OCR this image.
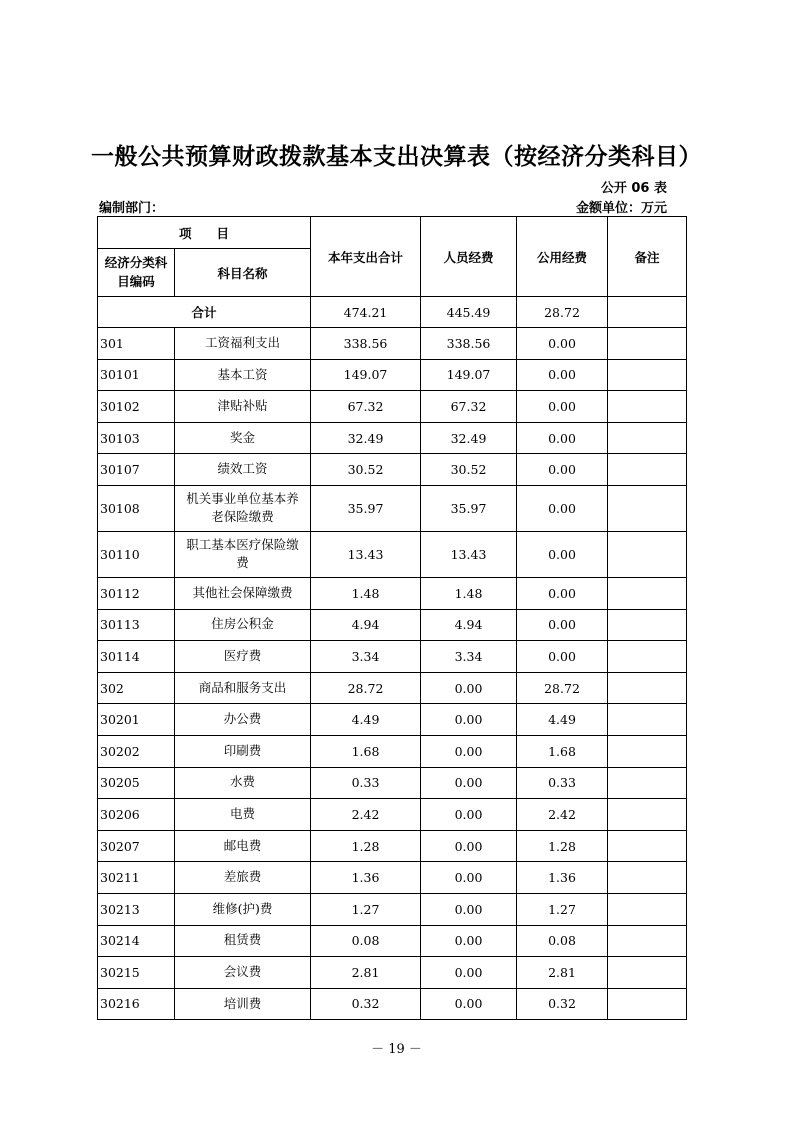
一般公共预算财政拨款基本支出决算表（按经济分类科目）
公开 06 表
编制部门：	金额单位：万元
项　　目		本年支出合计	人员经费	公用经费	备注
经济分类科目编码	科目名称				
合计		474.21	445.49	28.72	
301	工资福利支出	338.56	338.56	0.00	
30101	基本工资	149.07	149.07	0.00	
30102	津贴补贴	67.32	67.32	0.00	
30103	奖金	32.49	32.49	0.00	
30107	绩效工资	30.52	30.52	0.00	
30108	机关事业单位基本养老保险缴费	35.97	35.97	0.00	
30110	职工基本医疗保险缴费	13.43	13.43	0.00	
30112	其他社会保障缴费	1.48	1.48	0.00	
30113	住房公积金	4.94	4.94	0.00	
30114	医疗费	3.34	3.34	0.00	
302	商品和服务支出	28.72	0.00	28.72	
30201	办公费	4.49	0.00	4.49	
30202	印刷费	1.68	0.00	1.68	
30205	水费	0.33	0.00	0.33	
30206	电费	2.42	0.00	2.42	
30207	邮电费	1.28	0.00	1.28	
30211	差旅费	1.36	0.00	1.36	
30213	维修(护)费	1.27	0.00	1.27	
30214	租赁费	0.08	0.00	0.08	
30215	会议费	2.81	0.00	2.81	
30216	培训费	0.32	0.00	0.32	
－ 19 －
